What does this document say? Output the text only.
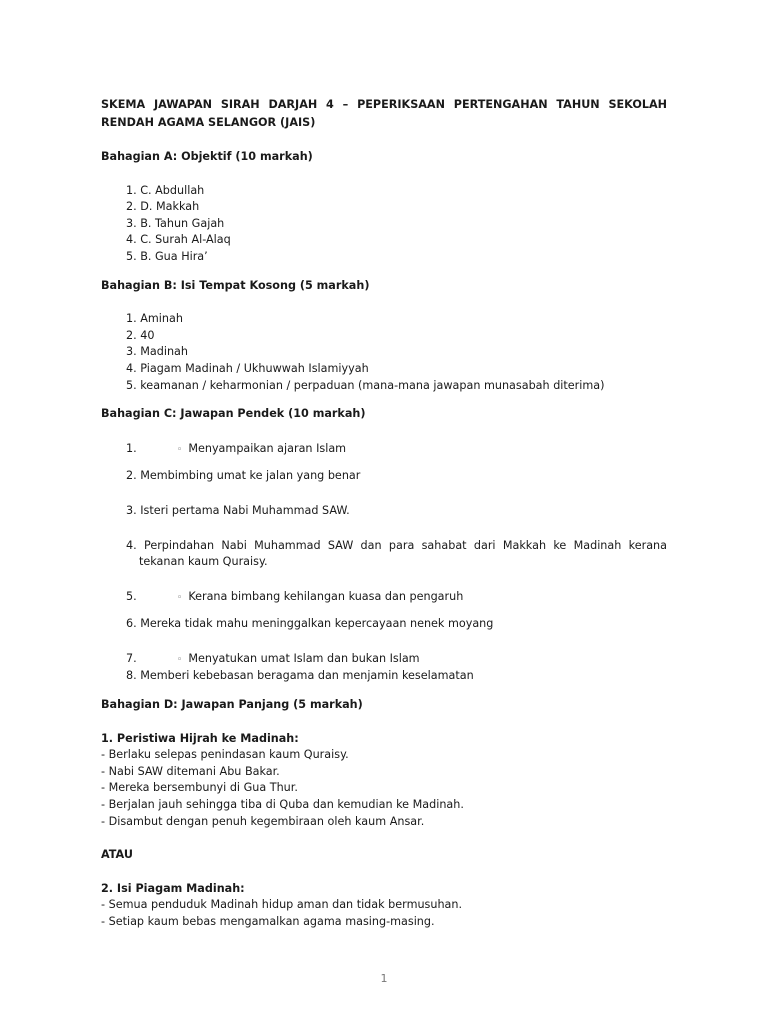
SKEMA JAWAPAN SIRAH DARJAH 4 – PEPERIKSAAN PERTENGAHAN TAHUN SEKOLAH RENDAH AGAMA SELANGOR (JAIS)

Bahagian A: Objektif (10 markah)

1. C. Abdullah
2. D. Makkah
3. B. Tahun Gajah
4. C. Surah Al-Alaq
5. B. Gua Hira’

Bahagian B: Isi Tempat Kosong (5 markah)

1. Aminah
2. 40
3. Madinah
4. Piagam Madinah / Ukhuwwah Islamiyyah
5. keamanan / keharmonian / perpaduan (mana-mana jawapan munasabah diterima)

Bahagian C: Jawapan Pendek (10 markah)

1.	◦ Menyampaikan ajaran Islam
2. Membimbing umat ke jalan yang benar
3. Isteri pertama Nabi Muhammad SAW.
4. Perpindahan Nabi Muhammad SAW dan para sahabat dari Makkah ke Madinah kerana tekanan kaum Quraisy.
5.	◦ Kerana bimbang kehilangan kuasa dan pengaruh
6. Mereka tidak mahu meninggalkan kepercayaan nenek moyang
7.	◦ Menyatukan umat Islam dan bukan Islam
8. Memberi kebebasan beragama dan menjamin keselamatan

Bahagian D: Jawapan Panjang (5 markah)

1. Peristiwa Hijrah ke Madinah:

- Berlaku selepas penindasan kaum Quraisy.

- Nabi SAW ditemani Abu Bakar.

- Mereka bersembunyi di Gua Thur.

- Berjalan jauh sehingga tiba di Quba dan kemudian ke Madinah.

- Disambut dengan penuh kegembiraan oleh kaum Ansar.

ATAU

2. Isi Piagam Madinah:

- Semua penduduk Madinah hidup aman dan tidak bermusuhan.

- Setiap kaum bebas mengamalkan agama masing-masing.

1
